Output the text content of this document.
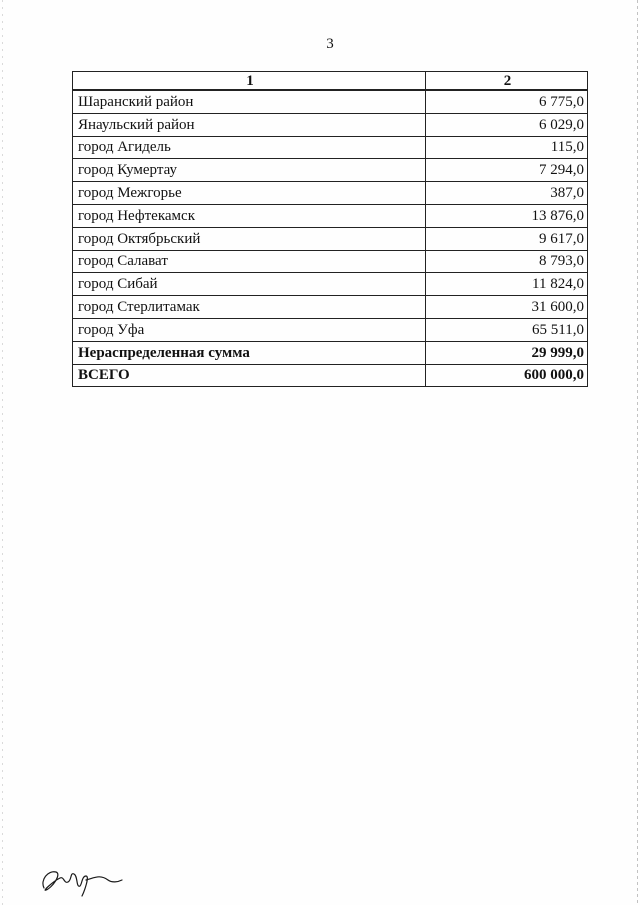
3
1	2
Шаранский район	6 775,0
Янаульский район	6 029,0
город Агидель	115,0
город Кумертау	7 294,0
город Межгорье	387,0
город Нефтекамск	13 876,0
город Октябрьский	9 617,0
город Салават	8 793,0
город Сибай	11 824,0
город Стерлитамак	31 600,0
город Уфа	65 511,0
Нераспределенная сумма	29 999,0
ВСЕГО	600 000,0
